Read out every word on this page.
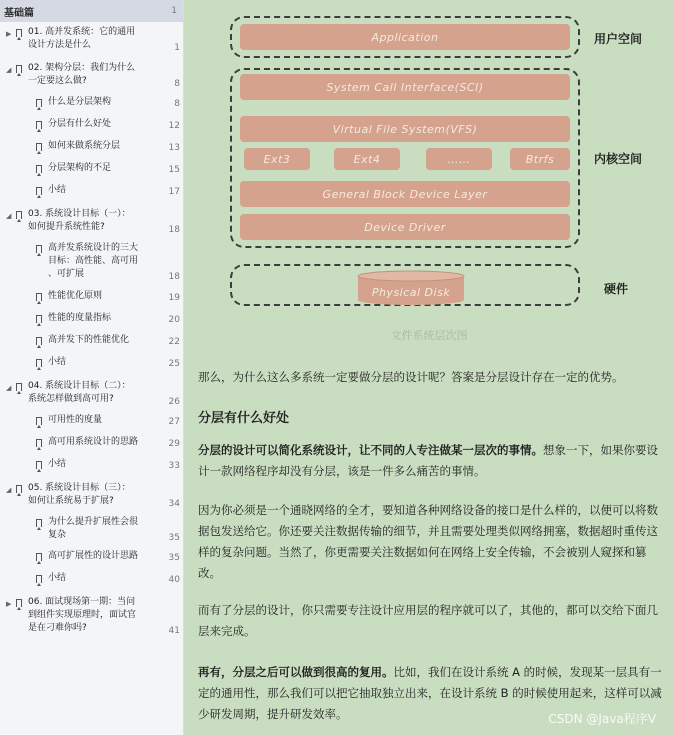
基础篇	1
▶ 01. 高并发系统：它的通用
设计方法是什么	1
◢ 02. 架构分层：我们为什么
一定要这么做?	8
什么是分层架构	8
分层有什么好处	12
如何来做系统分层	13
分层架构的不足	15
小结	17
◢ 03. 系统设计目标（一）：
如何提升系统性能?	18
高并发系统设计的三大
目标：高性能、高可用
、可扩展	18
性能优化原则	19
性能的度量指标	20
高并发下的性能优化	22
小结	25
◢ 04. 系统设计目标（二）：
系统怎样做到高可用?	26
可用性的度量	27
高可用系统设计的思路	29
小结	33
◢ 05. 系统设计目标（三）：
如何让系统易于扩展?	34
为什么提升扩展性会很
复杂	35
高可扩展性的设计思路	35
小结	40
▶ 06. 面试现场第一期：当问
到组件实现原理时，面试官
是在刁难你吗?	41
Application	用户空间
System Call Interface(SCI)
Virtual File System(VFS)
Ext3	Ext4	……	Btrfs
General Block Device Layer
Device Driver
内核空间
Physical Disk	硬件
文件系统层次图
那么，为什么这么多系统一定要做分层的设计呢？答案是分层设计存在一定的优势。
分层有什么好处
分层的设计可以简化系统设计，让不同的人专注做某一层次的事情。想象一下，如果你要设计一款网络程序却没有分层，该是一件多么痛苦的事情。
因为你必须是一个通晓网络的全才，要知道各种网络设备的接口是什么样的，以便可以将数据包发送给它。你还要关注数据传输的细节，并且需要处理类似网络拥塞，数据超时重传这样的复杂问题。当然了，你更需要关注数据如何在网络上安全传输，不会被别人窥探和篡改。
而有了分层的设计，你只需要专注设计应用层的程序就可以了，其他的，都可以交给下面几层来完成。
再有，分层之后可以做到很高的复用。比如，我们在设计系统 A 的时候，发现某一层具有一定的通用性，那么我们可以把它抽取独立出来，在设计系统 B 的时候使用起来，这样可以减少研发周期，提升研发效率。	CSDN @Java程序V
